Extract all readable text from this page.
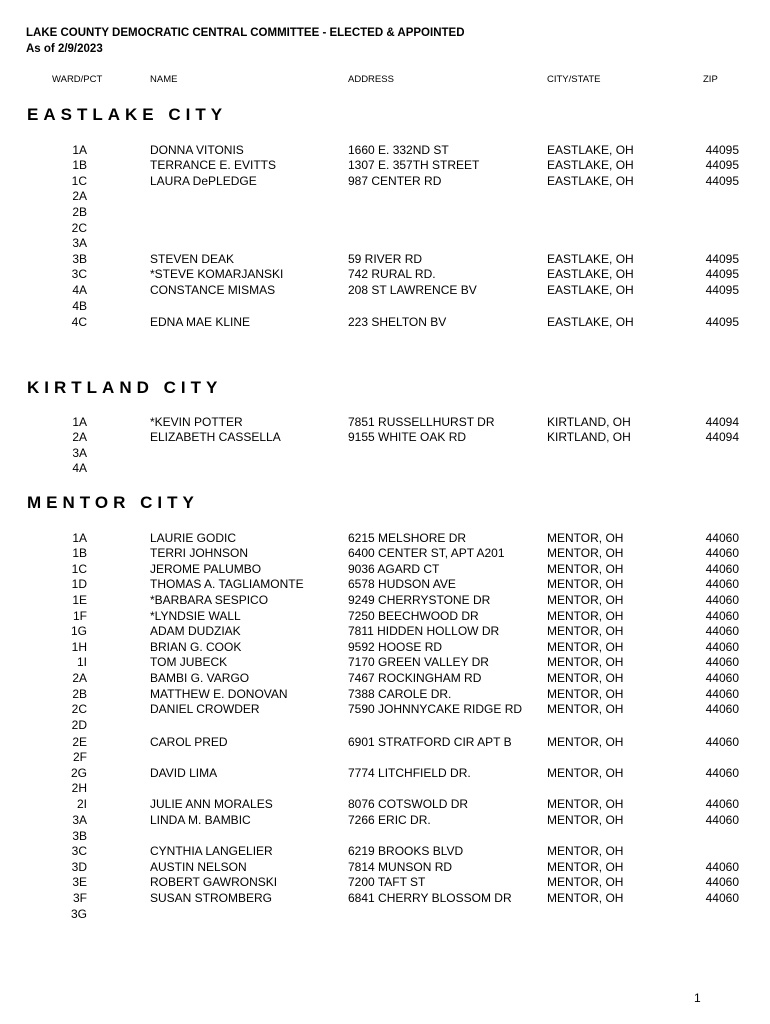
LAKE COUNTY DEMOCRATIC CENTRAL COMMITTEE - ELECTED & APPOINTED
As of 2/9/2023
WARD/PCT	NAME	ADDRESS	CITY/STATE	ZIP
EASTLAKE CITY
1A	DONNA VITONIS	1660 E. 332ND ST	EASTLAKE, OH	44095
1B	TERRANCE E. EVITTS	1307 E. 357TH STREET	EASTLAKE, OH	44095
1C	LAURA DePLEDGE	987 CENTER RD	EASTLAKE, OH	44095
2A
2B
2C
3A
3B	STEVEN DEAK	59 RIVER RD	EASTLAKE, OH	44095
3C	*STEVE KOMARJANSKI	742 RURAL RD.	EASTLAKE, OH	44095
4A	CONSTANCE MISMAS	208 ST LAWRENCE BV	EASTLAKE, OH	44095
4B
4C	EDNA MAE KLINE	223 SHELTON BV	EASTLAKE, OH	44095
KIRTLAND CITY
1A	*KEVIN POTTER	7851 RUSSELLHURST DR	KIRTLAND, OH	44094
2A	ELIZABETH CASSELLA	9155 WHITE OAK RD	KIRTLAND, OH	44094
3A
4A
MENTOR CITY
1A	LAURIE GODIC	6215 MELSHORE DR	MENTOR, OH	44060
1B	TERRI JOHNSON	6400 CENTER ST, APT A201	MENTOR, OH	44060
1C	JEROME PALUMBO	9036 AGARD CT	MENTOR, OH	44060
1D	THOMAS A. TAGLIAMONTE	6578 HUDSON AVE	MENTOR, OH	44060
1E	*BARBARA SESPICO	9249 CHERRYSTONE DR	MENTOR, OH	44060
1F	*LYNDSIE WALL	7250 BEECHWOOD DR	MENTOR, OH	44060
1G	ADAM DUDZIAK	7811 HIDDEN HOLLOW DR	MENTOR, OH	44060
1H	BRIAN G. COOK	9592 HOOSE RD	MENTOR, OH	44060
1I	TOM JUBECK	7170 GREEN VALLEY DR	MENTOR, OH	44060
2A	BAMBI G. VARGO	7467 ROCKINGHAM RD	MENTOR, OH	44060
2B	MATTHEW E. DONOVAN	7388 CAROLE DR.	MENTOR, OH	44060
2C	DANIEL CROWDER	7590 JOHNNYCAKE RIDGE RD MENTOR, OH	44060
2D
2E	CAROL PRED	6901 STRATFORD CIR APT B	MENTOR, OH	44060
2F
2G	DAVID LIMA	7774 LITCHFIELD DR.	MENTOR, OH	44060
2H
2I	JULIE ANN MORALES	8076 COTSWOLD DR	MENTOR, OH	44060
3A	LINDA M. BAMBIC	7266 ERIC DR.	MENTOR, OH	44060
3B
3C	CYNTHIA LANGELIER	6219 BROOKS BLVD	MENTOR, OH
3D	AUSTIN NELSON	7814 MUNSON RD	MENTOR, OH	44060
3E	ROBERT GAWRONSKI	7200 TAFT ST	MENTOR, OH	44060
3F	SUSAN STROMBERG	6841 CHERRY BLOSSOM DR	MENTOR, OH	44060
3G
1
